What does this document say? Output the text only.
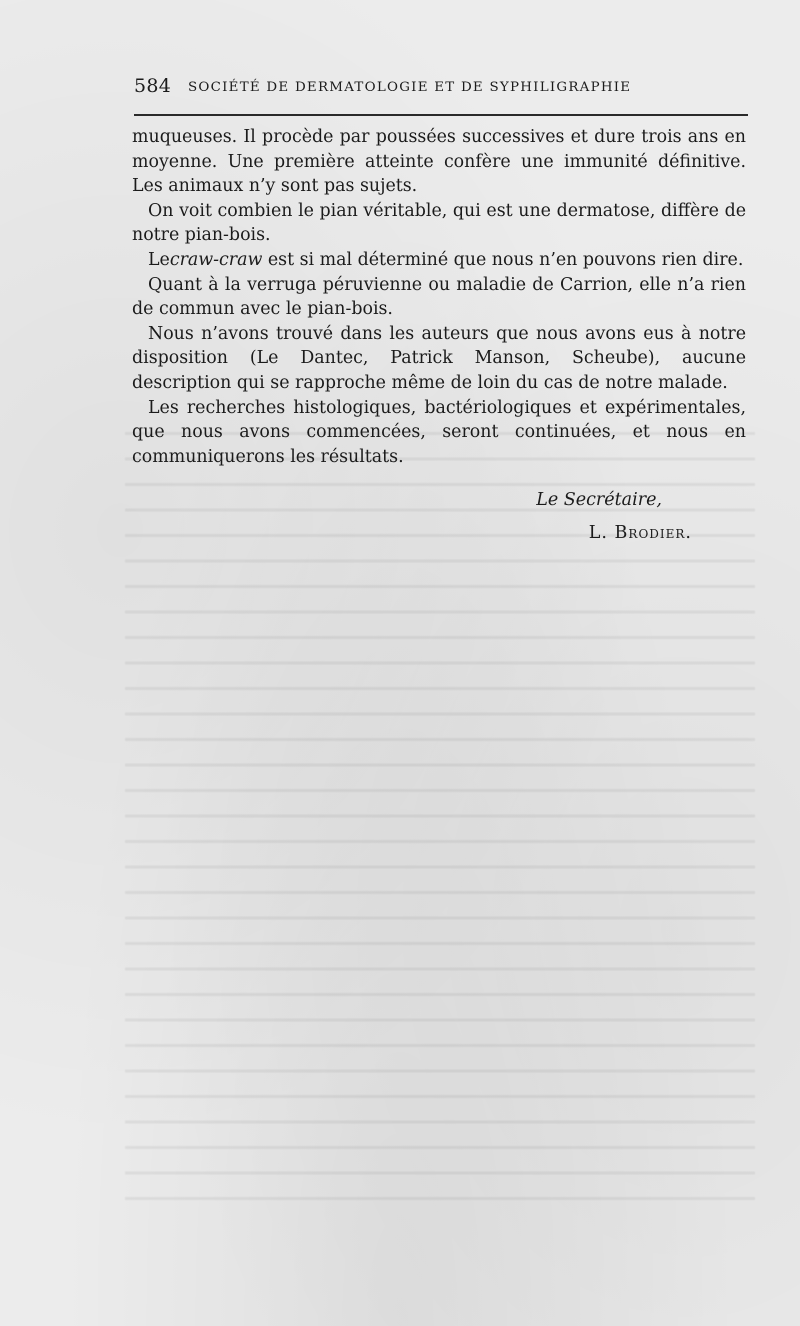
584 SOCIÉTÉ DE DERMATOLOGIE ET DE SYPHILIGRAPHIE

muqueuses. Il procède par poussées successives et dure trois ans en moyenne. Une première atteinte confère une immunité définitive. Les animaux n’y sont pas sujets.

On voit combien le pian véritable, qui est une dermatose, diffère de notre pian-bois.

Lecraw-craw est si mal déterminé que nous n’en pouvons rien dire.

Quant à la verruga péruvienne ou maladie de Carrion, elle n’a rien de commun avec le pian-bois.

Nous n’avons trouvé dans les auteurs que nous avons eus à notre disposition (Le Dantec, Patrick Manson, Scheube), aucune description qui se rapproche même de loin du cas de notre malade.

Les recherches histologiques, bactériologiques et expérimentales, que nous avons commencées, seront continuées, et nous en communiquerons les résultats.

Le Secrétaire,
L. Brodier.
